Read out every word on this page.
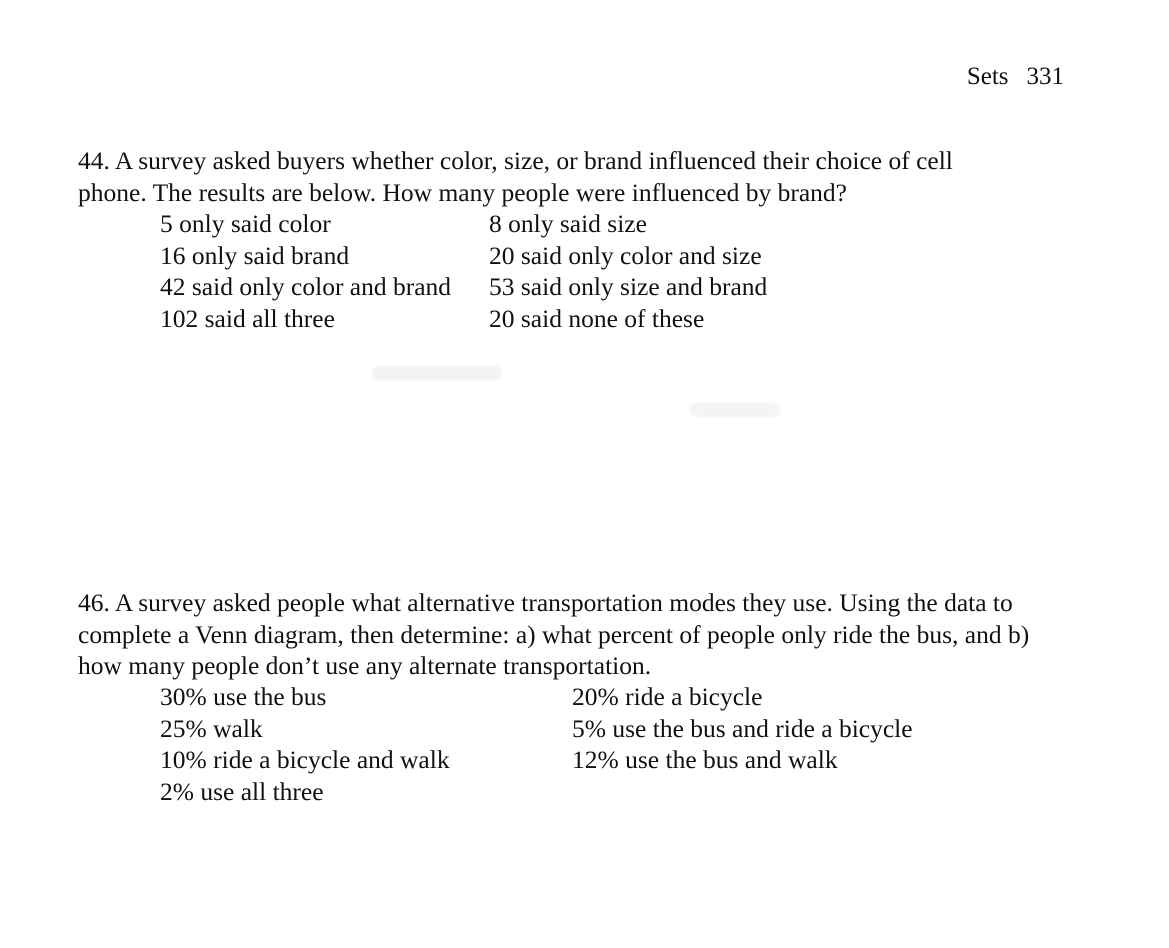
Sets 331

44. A survey asked buyers whether color, size, or brand influenced their choice of cell

phone. The results are below. How many people were influenced by brand?

5 only said color	8 only said size
16 only said brand	20 said only color and size
42 said only color and brand	53 said only size and brand
102 said all three	20 said none of these

46. A survey asked people what alternative transportation modes they use. Using the data to

complete a Venn diagram, then determine: a) what percent of people only ride the bus, and b)

how many people don’t use any alternate transportation.

30% use the bus	20% ride a bicycle
25% walk	5% use the bus and ride a bicycle
10% ride a bicycle and walk	12% use the bus and walk
2% use all three
